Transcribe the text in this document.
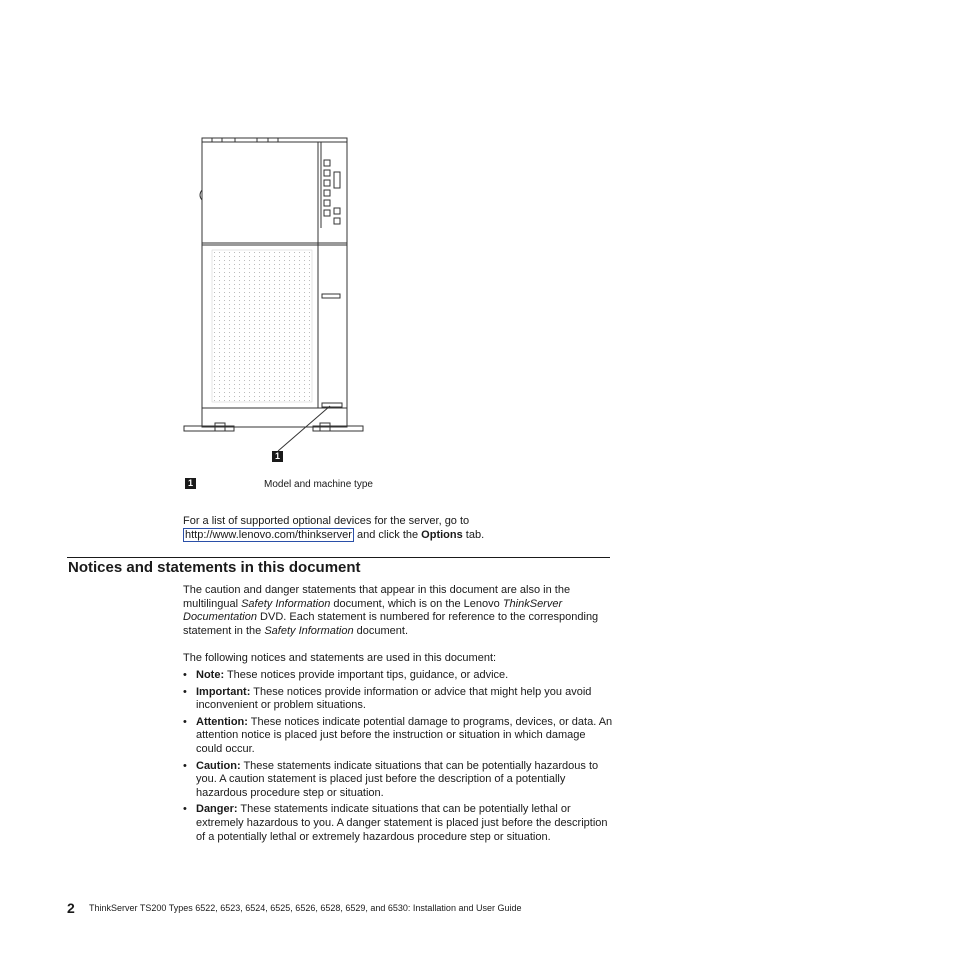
1
1	Model and machine type
For a list of supported optional devices for the server, go to
http://www.lenovo.com/thinkserver and click the Options tab.
Notices and statements in this document
The caution and danger statements that appear in this document are also in the multilingual Safety Information document, which is on the Lenovo ThinkServer Documentation DVD. Each statement is numbered for reference to the corresponding statement in the Safety Information document.
The following notices and statements are used in this document:
• Note: These notices provide important tips, guidance, or advice.
• Important: These notices provide information or advice that might help you avoid inconvenient or problem situations.
• Attention: These notices indicate potential damage to programs, devices, or data. An attention notice is placed just before the instruction or situation in which damage could occur.
• Caution: These statements indicate situations that can be potentially hazardous to you. A caution statement is placed just before the description of a potentially hazardous procedure step or situation.
• Danger: These statements indicate situations that can be potentially lethal or extremely hazardous to you. A danger statement is placed just before the description of a potentially lethal or extremely hazardous procedure step or situation.
2 ThinkServer TS200 Types 6522, 6523, 6524, 6525, 6526, 6528, 6529, and 6530: Installation and User Guide
